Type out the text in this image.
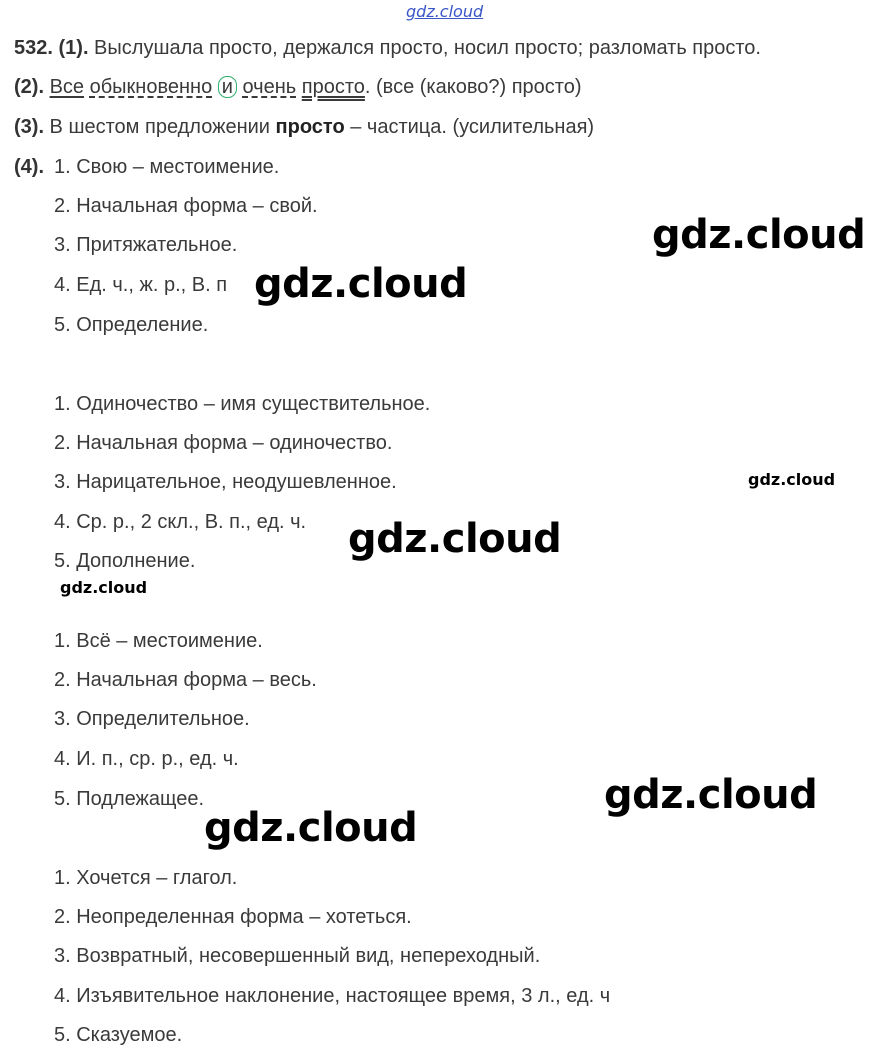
gdz.cloud
532. (1). Выслушала просто, держался просто, носил просто; разломать просто.
(2). Все обыкновенно и очень просто. (все (каково?) просто)
(3). В шестом предложении просто – частица. (усилительная)
(4). 1. Свою – местоимение.
2. Начальная форма – свой.
3. Притяжательное.
4. Ед. ч., ж. р., В. п
5. Определение.
1. Одиночество – имя существительное.
2. Начальная форма – одиночество.
3. Нарицательное, неодушевленное.
4. Ср. р., 2 скл., В. п., ед. ч.
5. Дополнение.
1. Всё – местоимение.
2. Начальная форма – весь.
3. Определительное.
4. И. п., ср. р., ед. ч.
5. Подлежащее.
1. Хочется – глагол.
2. Неопределенная форма – хотеться.
3. Возвратный, несовершенный вид, непереходный.
4. Изъявительное наклонение, настоящее время, 3 л., ед. ч
5. Сказуемое.
gdz.cloud
gdz.cloud
gdz.cloud
gdz.cloud
gdz.cloud
gdz.cloud
gdz.cloud
